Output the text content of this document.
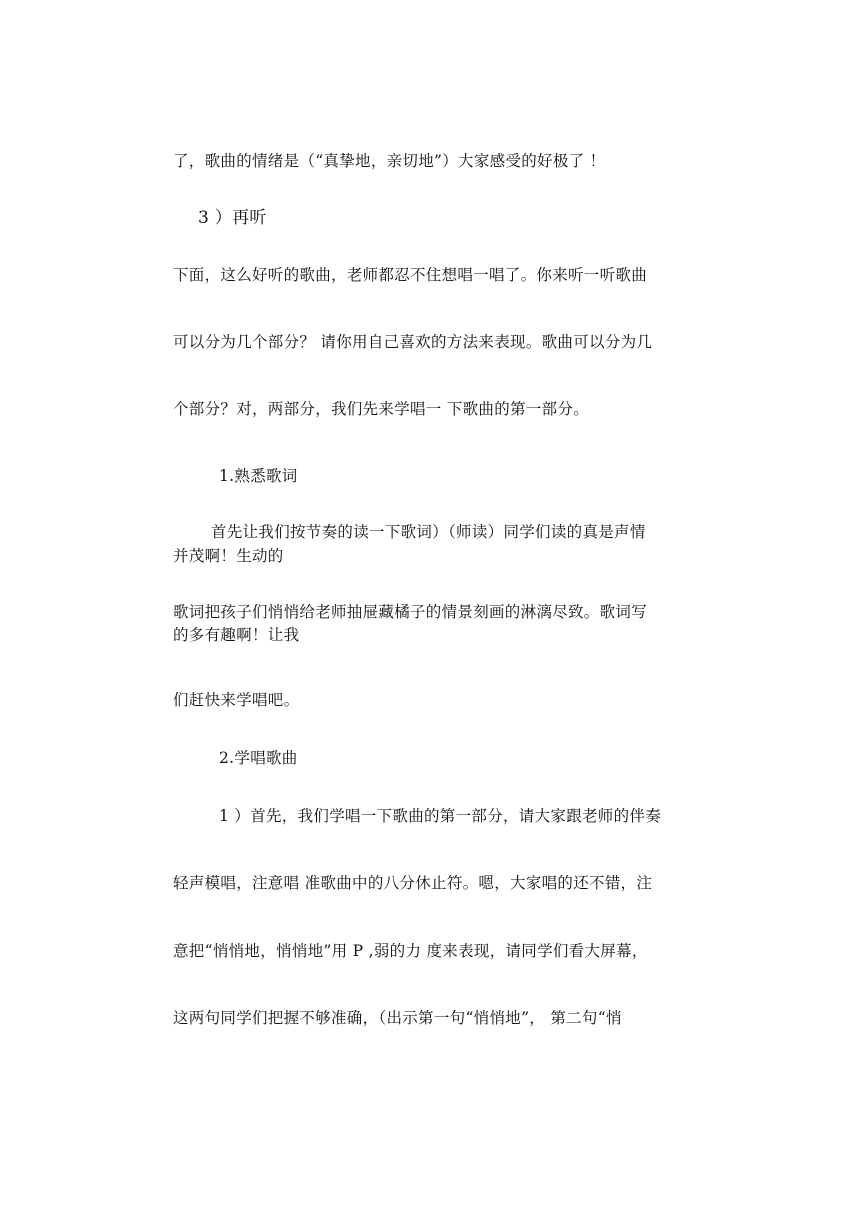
了，歌曲的情绪是（“真挚地，亲切地”）大家感受的好极了 ！
3 ）再听
下面，这么好听的歌曲，老师都忍不住想唱一唱了。你来听一听歌曲
可以分为几个部分？ 请你用自己喜欢的方法来表现。歌曲可以分为几
个部分？对，两部分，我们先来学唱一 下歌曲的第一部分。
1.熟悉歌词
首先让我们按节奏的读一下歌词）（师读）同学们读的真是声情
并茂啊！生动的
歌词把孩子们悄悄给老师抽屉藏橘子的情景刻画的淋漓尽致。歌词写
的多有趣啊！让我
们赶快来学唱吧。
2.学唱歌曲
1 ）首先，我们学唱一下歌曲的第一部分，请大家跟老师的伴奏
轻声模唱，注意唱 准歌曲中的八分休止符。嗯，大家唱的还不错，注
意把“悄悄地，悄悄地”用 P ,弱的力 度来表现，请同学们看大屏幕，
这两句同学们把握不够准确，（出示第一句“悄悄地”， 第二句“悄
